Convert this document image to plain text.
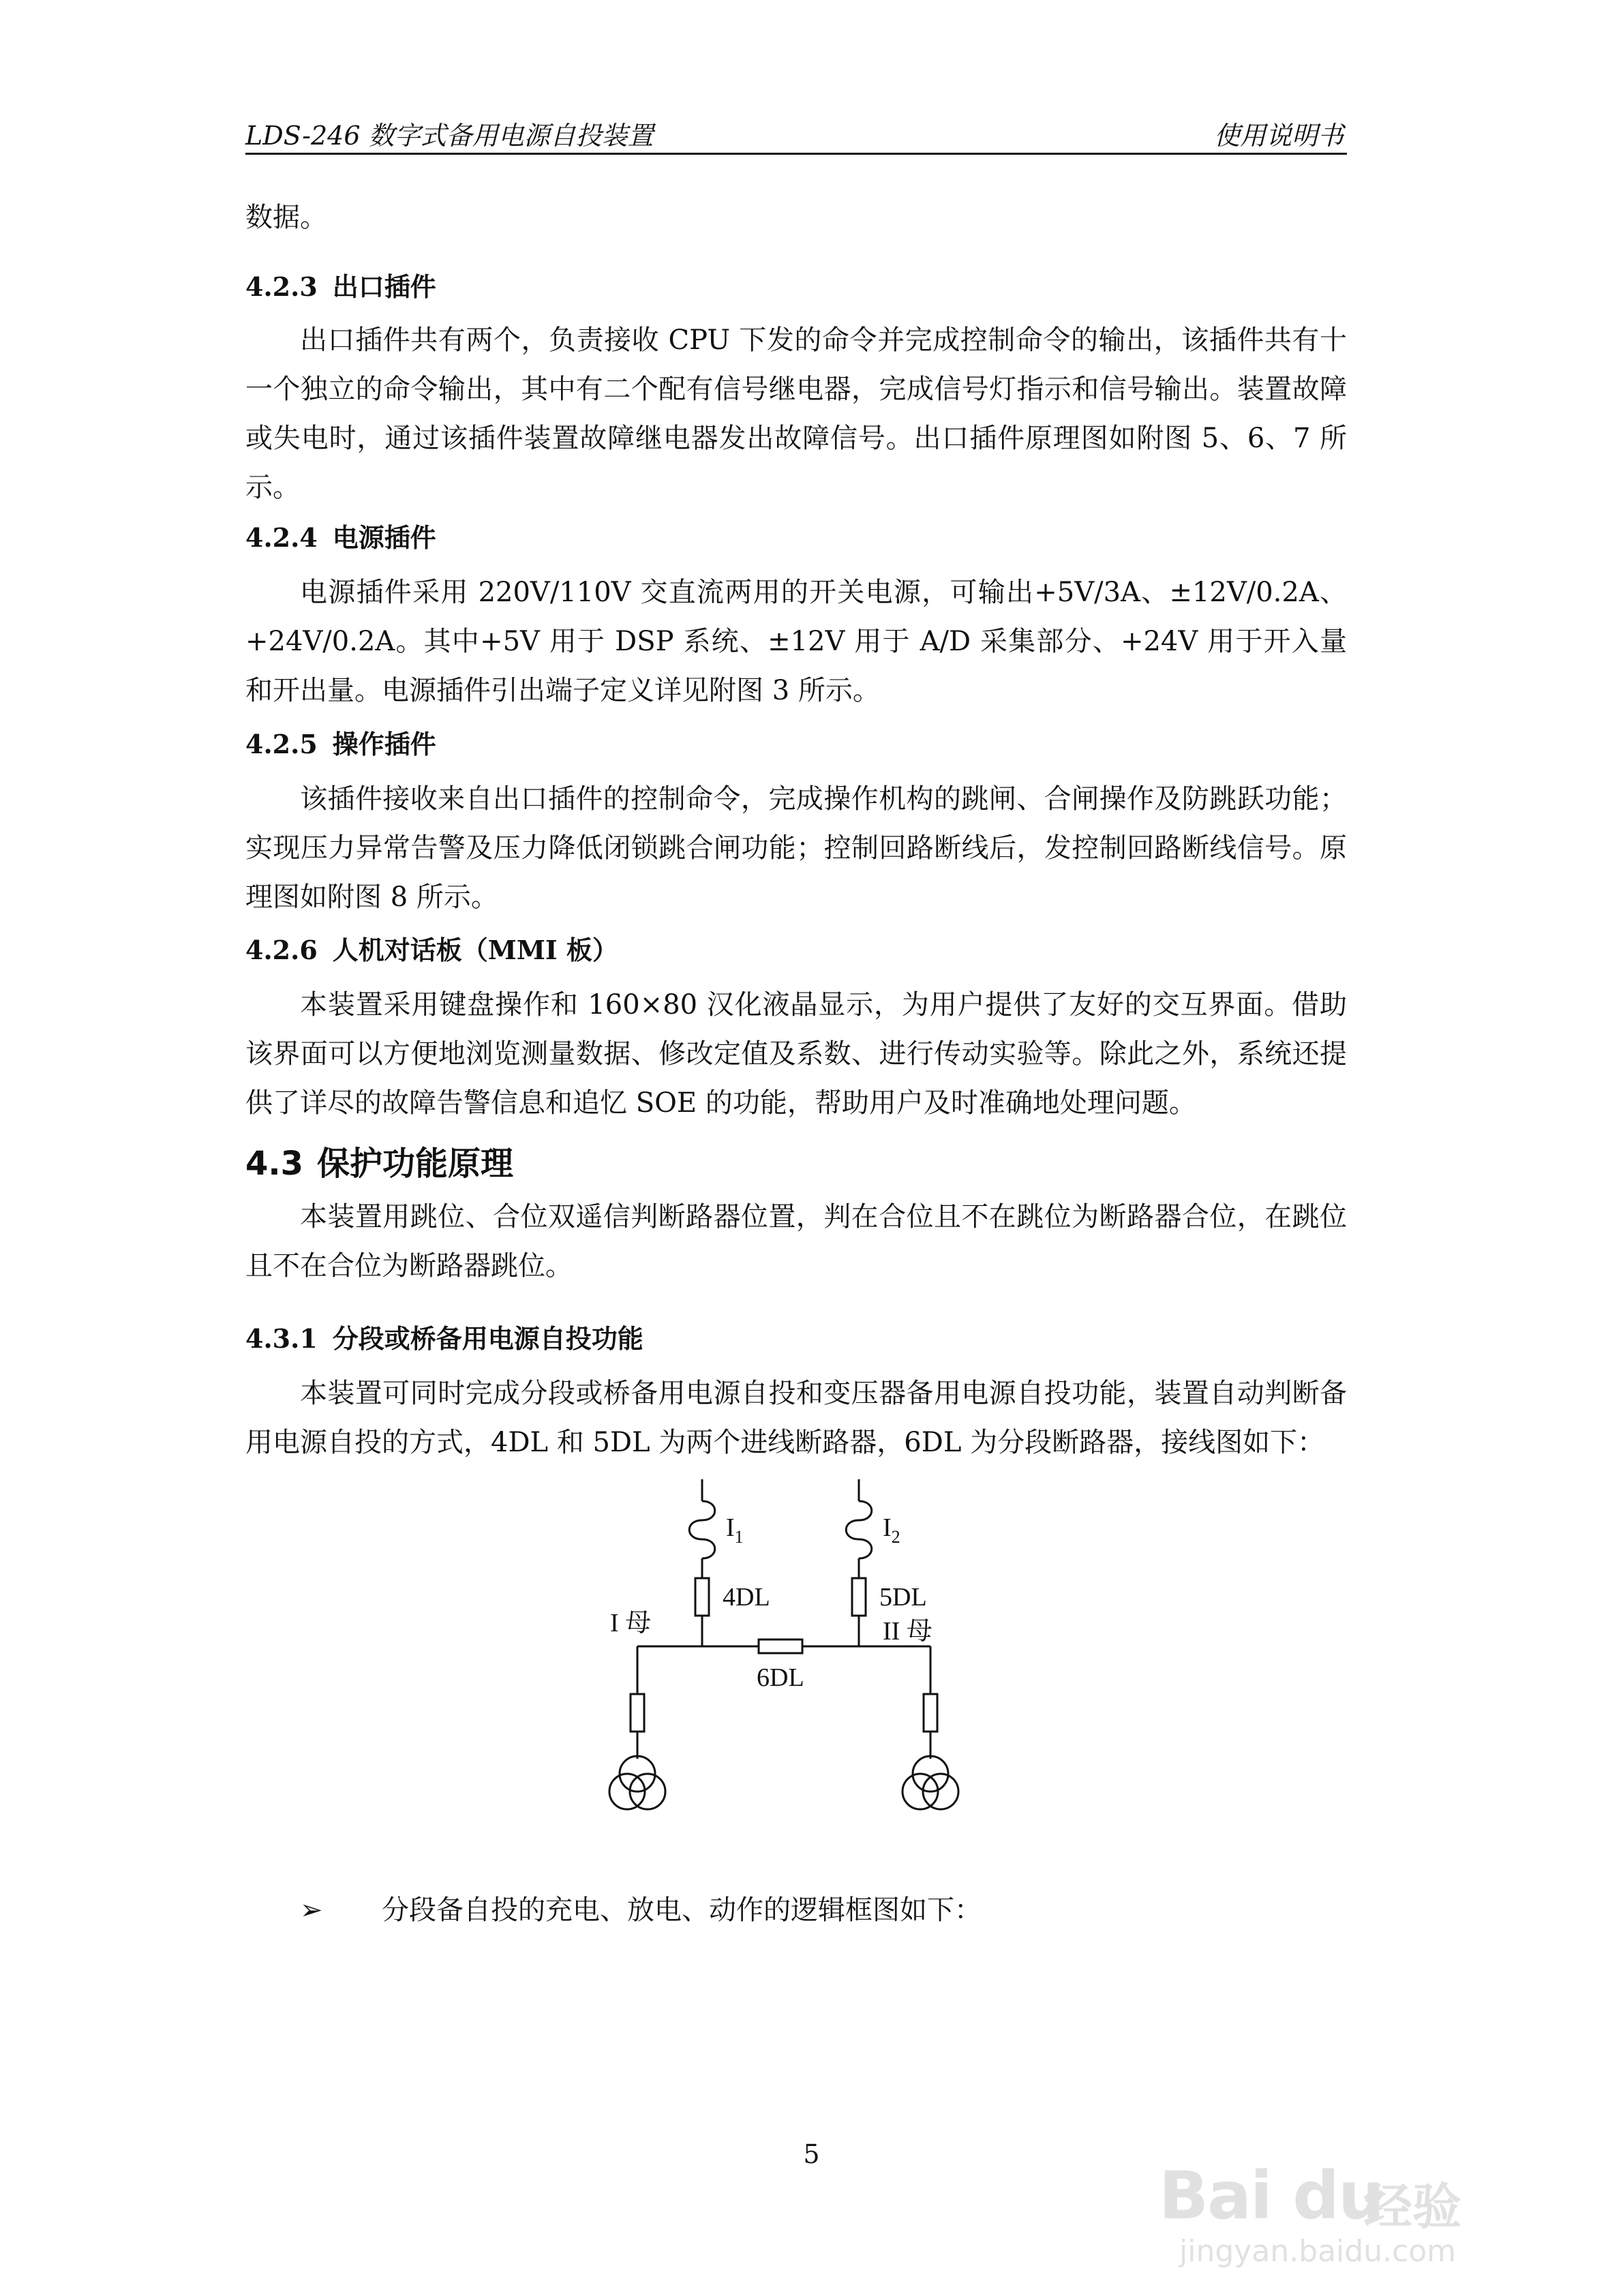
LDS-246 数字式备用电源自投装置	使用说明书

数据。

4.2.3 出口插件

出口插件共有两个，负责接收 CPU 下发的命令并完成控制命令的输出，该插件共有十一个独立的命令输出，其中有二个配有信号继电器，完成信号灯指示和信号输出。装置故障或失电时，通过该插件装置故障继电器发出故障信号。出口插件原理图如附图 5、6、7 所示。

4.2.4 电源插件

电源插件采用 220V/110V 交直流两用的开关电源，可输出+5V/3A、±12V/0.2A、+24V/0.2A。其中+5V 用于 DSP 系统、±12V 用于 A/D 采集部分、+24V 用于开入量和开出量。电源插件引出端子定义详见附图 3 所示。

4.2.5 操作插件

该插件接收来自出口插件的控制命令，完成操作机构的跳闸、合闸操作及防跳跃功能；实现压力异常告警及压力降低闭锁跳合闸功能；控制回路断线后，发控制回路断线信号。原理图如附图 8 所示。

4.2.6 人机对话板（MMI 板）

本装置采用键盘操作和 160×80 汉化液晶显示，为用户提供了友好的交互界面。借助该界面可以方便地浏览测量数据、修改定值及系数、进行传动实验等。除此之外，系统还提供了详尽的故障告警信息和追忆 SOE 的功能，帮助用户及时准确地处理问题。

4.3 保护功能原理

本装置用跳位、合位双遥信判断路器位置，判在合位且不在跳位为断路器合位，在跳位且不在合位为断路器跳位。

4.3.1 分段或桥备用电源自投功能

本装置可同时完成分段或桥备用电源自投和变压器备用电源自投功能，装置自动判断备用电源自投的方式，4DL 和 5DL 为两个进线断路器，6DL 为分段断路器，接线图如下：

$I_1$	$I_2$
4DL	5DL
I 母	II 母
6DL
➢ 分段备自投的充电、放电、动作的逻辑框图如下：
5
Bai du
经验
jingyan.baidu.com
